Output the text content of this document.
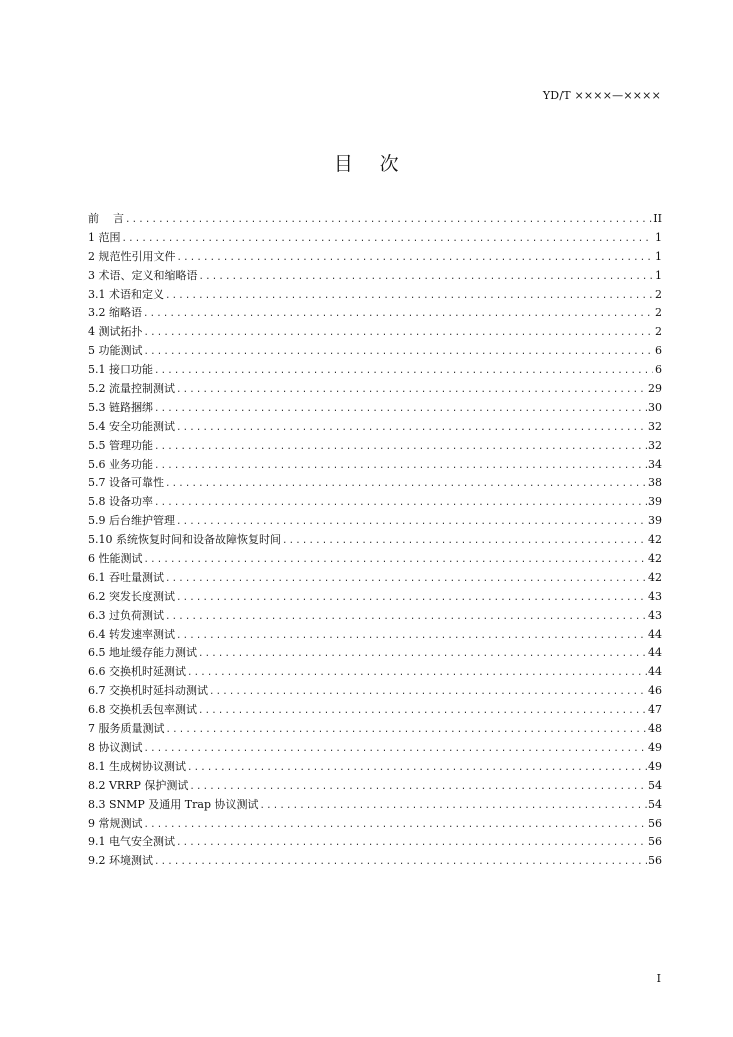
YD/T ××××—××××
目    次
前    言 .....	II
1 范围 .....	1
2 规范性引用文件 .....	1
3 术语、定义和缩略语 .....	1
3.1 术语和定义 .....	2
3.2 缩略语 .....	2
4 测试拓扑 .....	2
5 功能测试 .....	6
5.1 接口功能 .....	6
5.2 流量控制测试 .....	29
5.3 链路捆绑 .....	30
5.4 安全功能测试 .....	32
5.5 管理功能 .....	32
5.6 业务功能 .....	34
5.7 设备可靠性 .....	38
5.8 设备功率 .....	39
5.9 后台维护管理 .....	39
5.10 系统恢复时间和设备故障恢复时间 .....	42
6 性能测试 .....	42
6.1 吞吐量测试 .....	42
6.2 突发长度测试 .....	43
6.3 过负荷测试 .....	43
6.4 转发速率测试 .....	44
6.5 地址缓存能力测试 .....	44
6.6 交换机时延测试 .....	44
6.7 交换机时延抖动测试 .....	46
6.8 交换机丢包率测试 .....	47
7 服务质量测试 .....	48
8 协议测试 .....	49
8.1 生成树协议测试 .....	49
8.2 VRRP 保护测试 .....	54
8.3 SNMP 及通用 Trap 协议测试 .....	54
9 常规测试 .....	56
9.1 电气安全测试 .....	56
9.2 环境测试 .....	56
I
